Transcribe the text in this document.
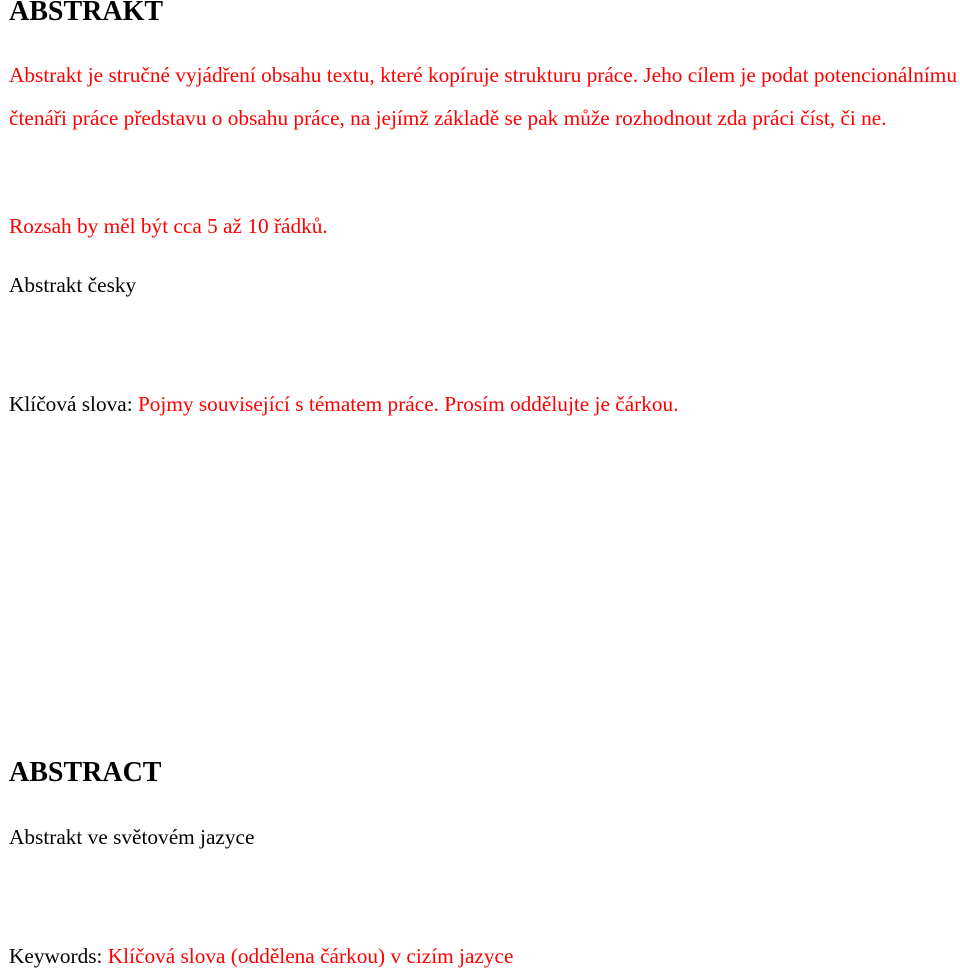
ABSTRAKT

Abstrakt je stručné vyjádření obsahu textu, které kopíruje strukturu práce. Jeho cílem je podat potencionálnímu čtenáři práce představu o obsahu práce, na jejímž základě se pak může rozhodnout zda práci číst, či ne.

Rozsah by měl být cca 5 až 10 řádků.

Abstrakt česky

Klíčová slova: Pojmy související s tématem práce. Prosím oddělujte je čárkou.

ABSTRACT

Abstrakt ve světovém jazyce

Keywords: Klíčová slova (oddělena čárkou) v cizím jazyce
